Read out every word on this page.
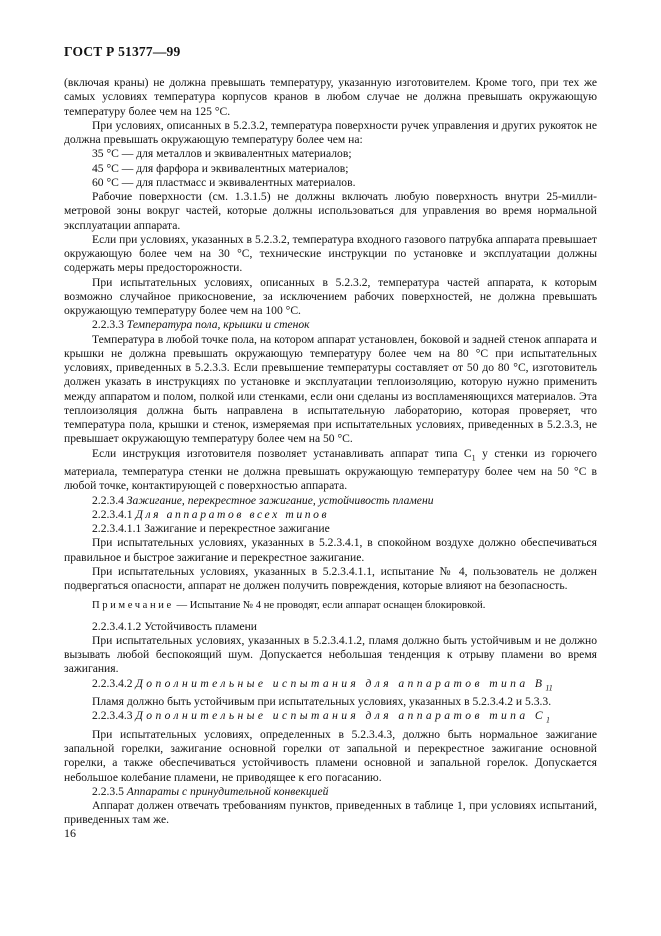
ГОСТ Р 51377—99

(включая краны) не должна превышать температуру, указанную изготовителем. Кроме того, при тех же самых условиях температура корпусов кранов в любом случае не должна превышать окружающую температуру более чем на 125 °С.

При условиях, описанных в 5.2.3.2, температура поверхности ручек управления и других рукояток не должна превышать окружающую температуру более чем на:

35 °С — для металлов и эквивалентных материалов;

45 °С — для фарфора и эквивалентных материалов;

60 °С — для пластмасс и эквивалентных материалов.

Рабочие поверхности (см. 1.3.1.5) не должны включать любую поверхность внутри 25-миллиметровой зоны вокруг частей, которые должны использоваться для управления во время нормальной эксплуатации аппарата.

Если при условиях, указанных в 5.2.3.2, температура входного газового патрубка аппарата превышает окружающую более чем на 30 °С, технические инструкции по установке и эксплуатации должны содержать меры предосторожности.

При испытательных условиях, описанных в 5.2.3.2, температура частей аппарата, к которым возможно случайное прикосновение, за исключением рабочих поверхностей, не должна превышать окружающую температуру более чем на 100 °С.

2.2.3.3 Температура пола, крышки и стенок

Температура в любой точке пола, на котором аппарат установлен, боковой и задней стенок аппарата и крышки не должна превышать окружающую температуру более чем на 80 °С при испытательных условиях, приведенных в 5.2.3.3. Если превышение температуры составляет от 50 до 80 °С, изготовитель должен указать в инструкциях по установке и эксплуатации теплоизоляцию, которую нужно применить между аппаратом и полом, полкой или стенками, если они сделаны из воспламеняющихся материалов. Эта теплоизоляция должна быть направлена в испытательную лабораторию, которая проверяет, что температура пола, крышки и стенок, измеряемая при испытательных условиях, приведенных в 5.2.3.3, не превышает окружающую температуру более чем на 50 °С.

Если инструкция изготовителя позволяет устанавливать аппарат типа $С_1$ у стенки из горючего материала, температура стенки не должна превышать окружающую температуру более чем на 50 °С в любой точке, контактирующей с поверхностью аппарата.

2.2.3.4 Зажигание, перекрестное зажигание, устойчивость пламени

2.2.3.4.1 Для аппаратов всех типов

2.2.3.4.1.1 Зажигание и перекрестное зажигание

При испытательных условиях, указанных в 5.2.3.4.1, в спокойном воздухе должно обеспечиваться правильное и быстрое зажигание и перекрестное зажигание.

При испытательных условиях, указанных в 5.2.3.4.1.1, испытание № 4, пользователь не должен подвергаться опасности, аппарат не должен получить повреждения, которые влияют на безопасность.

Примечание — Испытание № 4 не проводят, если аппарат оснащен блокировкой.

2.2.3.4.1.2 Устойчивость пламени

При испытательных условиях, указанных в 5.2.3.4.1.2, пламя должно быть устойчивым и не должно вызывать любой беспокоящий шум. Допускается небольшая тенденция к отрыву пламени во время зажигания.

2.2.3.4.2 Дополнительные испытания для аппаратов типа $В_{11}$

Пламя должно быть устойчивым при испытательных условиях, указанных в 5.2.3.4.2 и 5.3.3.

2.2.3.4.3 Дополнительные испытания для аппаратов типа $С_1$

При испытательных условиях, определенных в 5.2.3.4.3, должно быть нормальное зажигание запальной горелки, зажигание основной горелки от запальной и перекрестное зажигание основной горелки, а также обеспечиваться устойчивость пламени основной и запальной горелок. Допускается небольшое колебание пламени, не приводящее к его погасанию.

2.2.3.5 Аппараты с принудительной конвекцией

Аппарат должен отвечать требованиям пунктов, приведенных в таблице 1, при условиях испытаний, приведенных там же.

16
